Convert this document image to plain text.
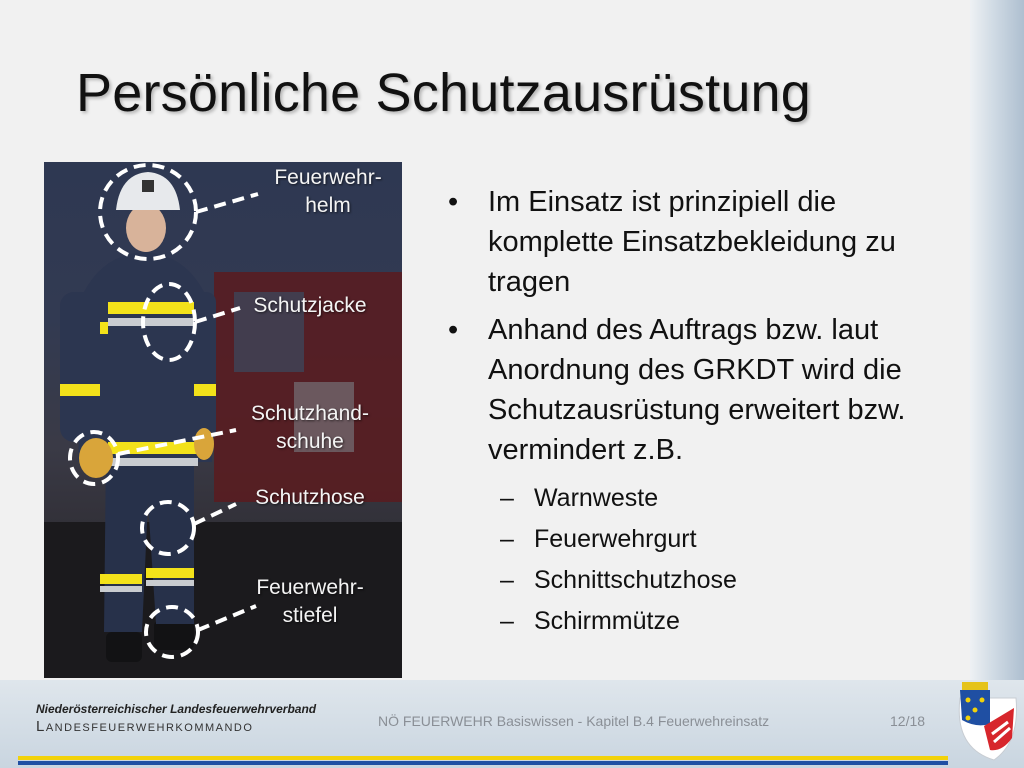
Persönliche Schutzausrüstung
Feuerwehr-
helm
Schutzjacke
Schutzhand-
schuhe
Schutzhose
Feuerwehr-
stiefel
• Im Einsatz ist prinzipiell die komplette Einsatzbekleidung zu tragen
• Anhand des Auftrags bzw. laut Anordnung des GRKDT wird die Schutzausrüstung erweitert bzw. vermindert z.B.
– Warnweste
– Feuerwehrgurt
– Schnittschutzhose
– Schirmmütze
Niederösterreichischer Landesfeuerwehrverband
Landesfeuerwehrkommando	NÖ FEUERWEHR Basiswissen - Kapitel B.4 Feuerwehreinsatz	12/18
